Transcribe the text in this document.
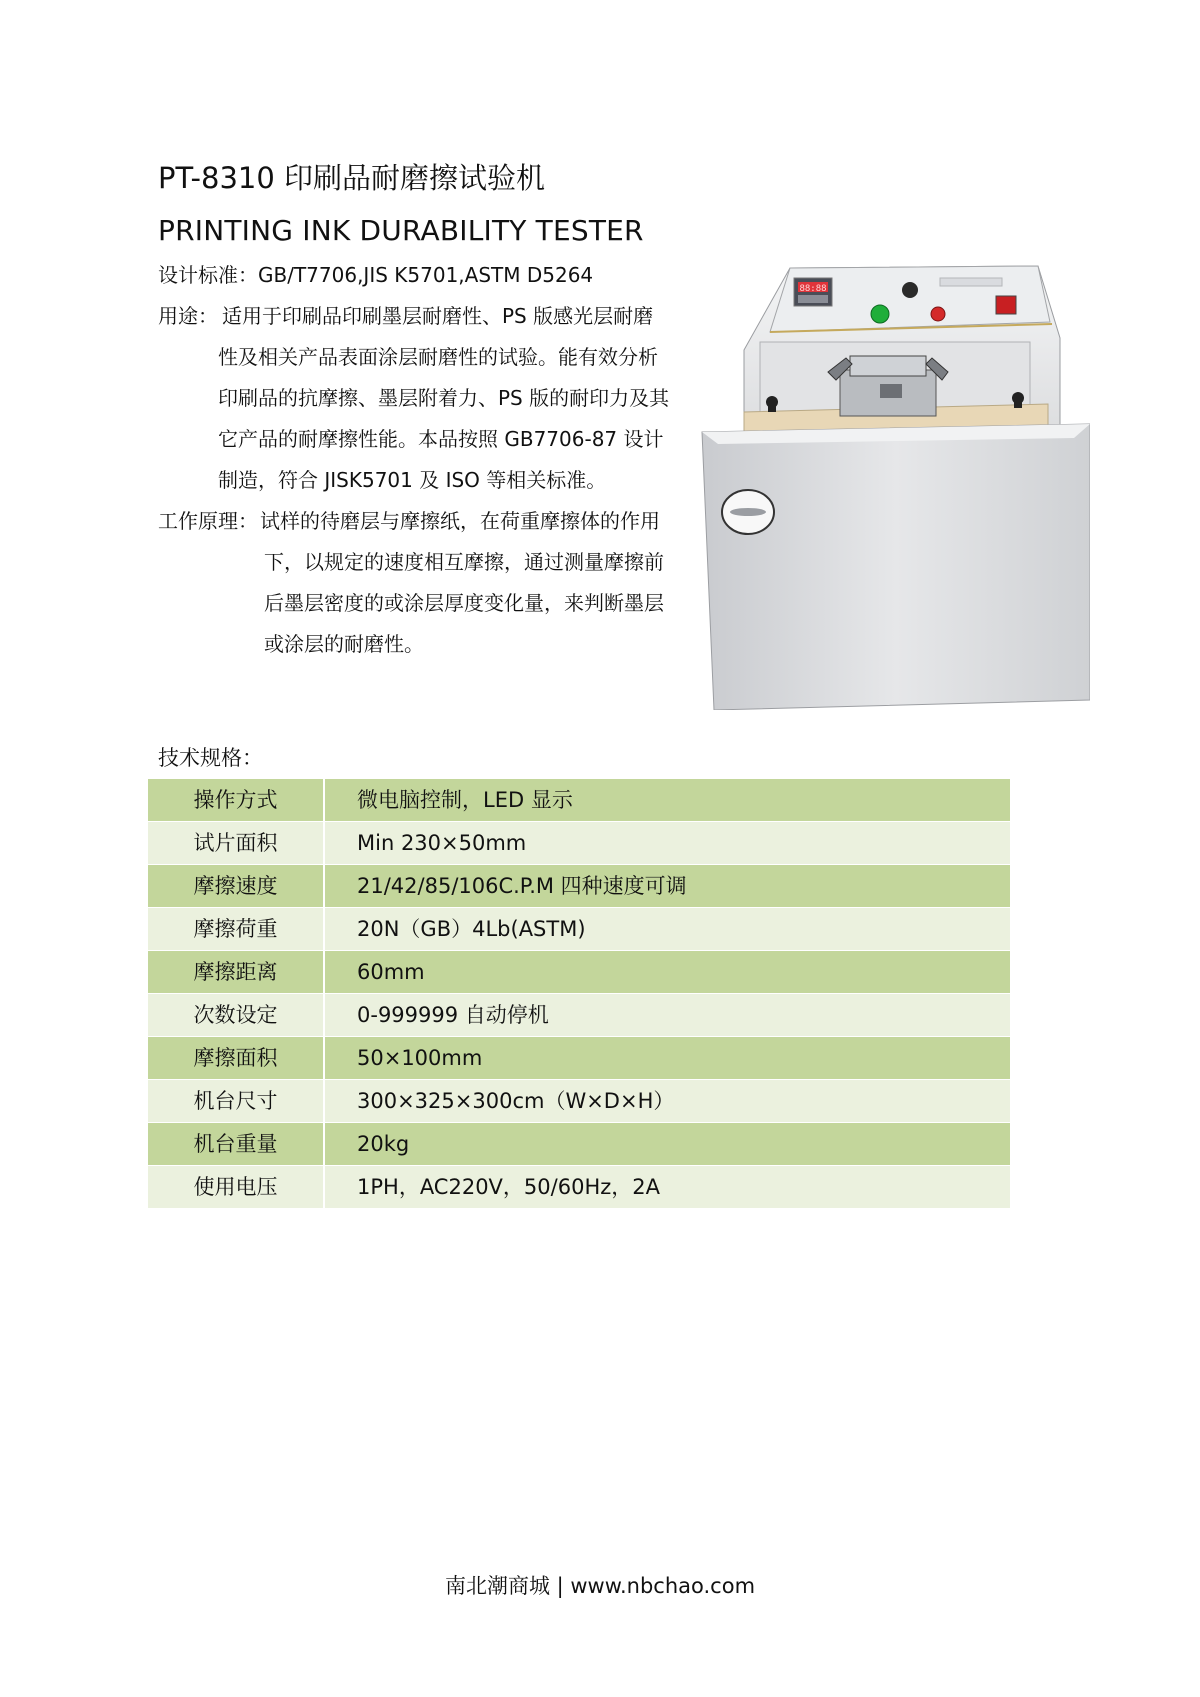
PT-8310 印刷品耐磨擦试验机
PRINTING INK DURABILITY TESTER
设计标准：GB/T7706,JIS K5701,ASTM D5264
用途： 适用于印刷品印刷墨层耐磨性、PS 版感光层耐磨
性及相关产品表面涂层耐磨性的试验。能有效分析
印刷品的抗摩擦、墨层附着力、PS 版的耐印力及其
它产品的耐摩擦性能。本品按照 GB7706-87 设计
制造，符合 JISK5701 及 ISO 等相关标准。
工作原理： 试样的待磨层与摩擦纸，在荷重摩擦体的作用
下，以规定的速度相互摩擦，通过测量摩擦前
后墨层密度的或涂层厚度变化量，来判断墨层
或涂层的耐磨性。
88:88
技术规格：
操作方式	微电脑控制，LED 显示
试片面积	Min 230×50mm
摩擦速度	21/42/85/106C.P.M 四种速度可调
摩擦荷重	20N（GB）4Lb(ASTM)
摩擦距离	60mm
次数设定	0-999999 自动停机
摩擦面积	50×100mm
机台尺寸	300×325×300cm（W×D×H）
机台重量	20kg
使用电压	1PH，AC220V，50/60Hz，2A
南北潮商城 | www.nbchao.com
